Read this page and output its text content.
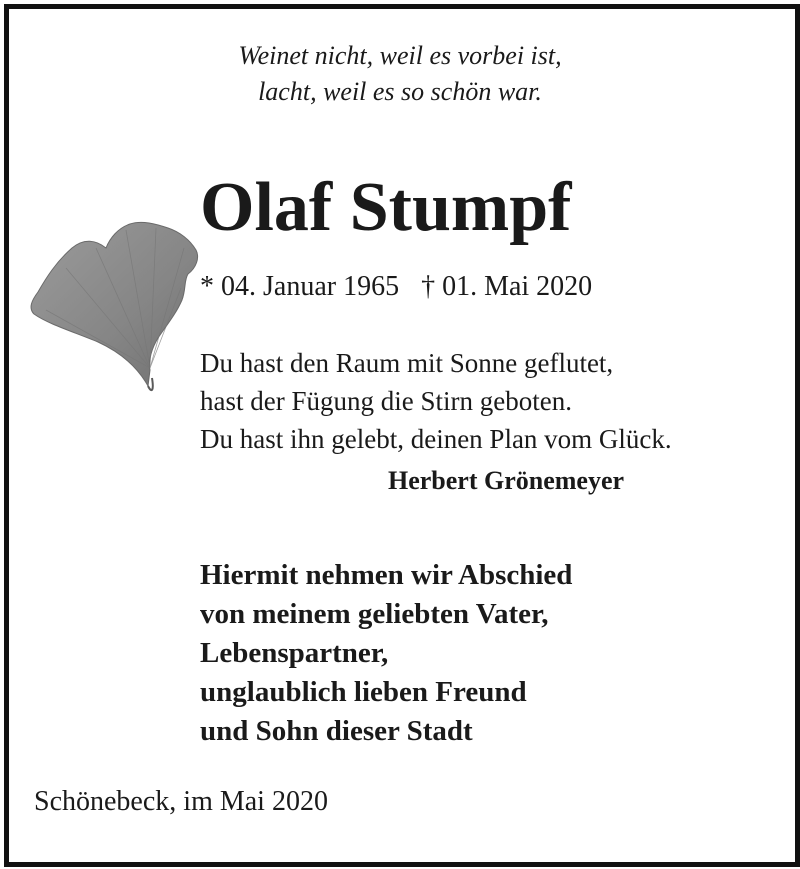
Weinet nicht, weil es vorbei ist,
lacht, weil es so schön war.
Olaf Stumpf
* 04. Januar 1965 † 01. Mai 2020
Du hast den Raum mit Sonne geflutet,
hast der Fügung die Stirn geboten.
Du hast ihn gelebt, deinen Plan vom Glück.
Herbert Grönemeyer
Hiermit nehmen wir Abschied
von meinem geliebten Vater,
Lebenspartner,
unglaublich lieben Freund
und Sohn dieser Stadt
Schönebeck, im Mai 2020
